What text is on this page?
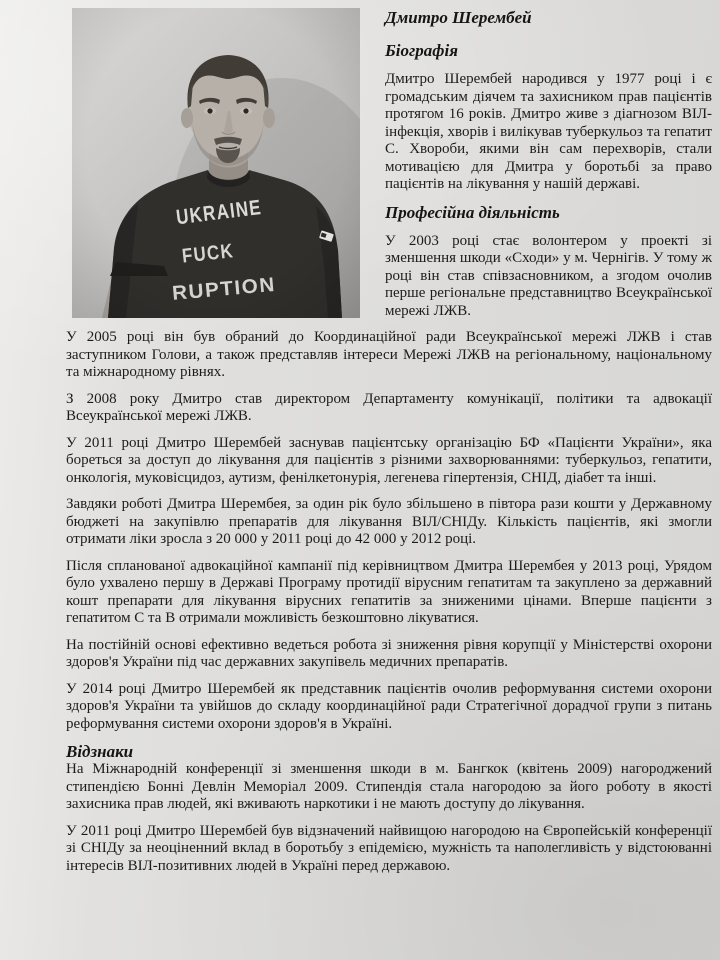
Дмитро Шерембей
Біографія

Дмитро Шерембей народився у 1977 році і є громадським діячем та захисником прав пацієнтів протягом 16 років. Дмитро живе з діагнозом ВІЛ-інфекція, хворів і вилікував туберкульоз та гепатит С. Хвороби, якими він сам перехворів, стали мотивацією для Дмитра у боротьбі за право пацієнтів на лікування у нашій державі.

Професійна діяльність

У 2003 році стає волонтером у проекті зі зменшення шкоди «Сходи» у м. Чернігів. У тому ж році він став співзасновником, а згодом очолив перше регіональне представництво Всеукраїнської мережі ЛЖВ.

У 2005 році він був обраний до Координаційної ради Всеукраїнської мережі ЛЖВ і став заступником Голови, а також представляв інтереси Мережі ЛЖВ на регіональному, національному та міжнародному рівнях.

З 2008 року Дмитро став директором Департаменту комунікації, політики та адвокації Всеукраїнської мережі ЛЖВ.

У 2011 році Дмитро Шерембей заснував пацієнтську організацію БФ «Пацієнти України», яка бореться за доступ до лікування для пацієнтів з різними захворюваннями: туберкульоз, гепатити, онкологія, муковісцидоз, аутизм, фенілкетонурія, легенева гіпертензія, СНІД, діабет та інші.

Завдяки роботі Дмитра Шерембея, за один рік було збільшено в півтора рази кошти у Державному бюджеті на закупівлю препаратів для лікування ВІЛ/СНІДу. Кількість пацієнтів, які змогли отримати ліки зросла з 20 000 у 2011 році до 42 000 у 2012 році.

Після спланованої адвокаційної кампанії під керівництвом Дмитра Шерембея у 2013 році, Урядом було ухвалено першу в Державі Програму протидії вірусним гепатитам та закуплено за державний кошт препарати для лікування вірусних гепатитів за зниженими цінами. Вперше пацієнти з гепатитом С та В отримали можливість безкоштовно лікуватися.

На постійній основі ефективно ведеться робота зі зниження рівня корупції у Міністерстві охорони здоров'я України під час державних закупівель медичних препаратів.

У 2014 році Дмитро Шерембей як представник пацієнтів очолив реформування системи охорони здоров'я України та увійшов до складу координаційної ради Стратегічної дорадчої групи з питань реформування системи охорони здоров'я в Україні.

Відзнаки

На Міжнародній конференції зі зменшення шкоди в м. Бангкок (квітень 2009) нагороджений стипендією Бонні Девлін Меморіал 2009. Стипендія стала нагородою за його роботу в якості захисника прав людей, які вживають наркотики і не мають доступу до лікування.

У 2011 році Дмитро Шерембей був відзначений найвищою нагородою на Європейській конференції зі СНІДу за неоціненний вклад в боротьбу з епідемією, мужність та наполегливість у відстоюванні інтересів ВІЛ-позитивних людей в Україні перед державою.
